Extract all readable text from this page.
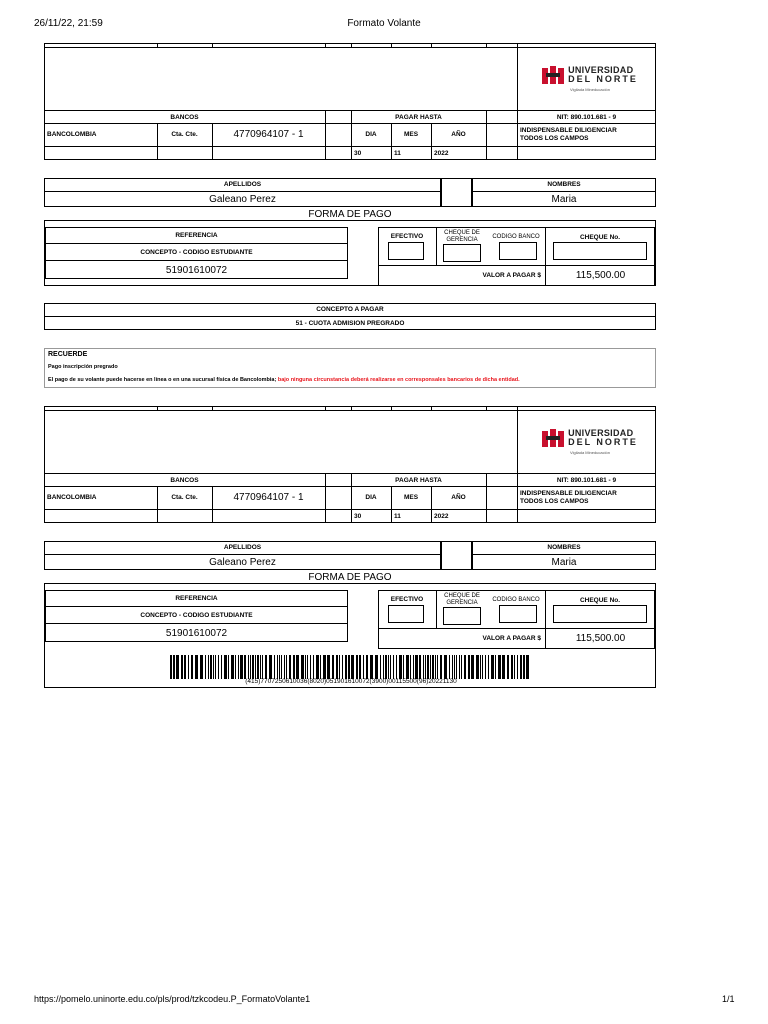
26/11/22, 21:59	Formato Volante
UNIVERSIDAD
DEL NORTE
Vigilada Mineducación
BANCOS	PAGAR HASTA	NIT: 890.101.681 - 9
BANCOLOMBIA	Cta. Cte.	4770964107 - 1	DIA	MES	AÑO
INDISPENSABLE DILIGENCIAR
TODOS LOS CAMPOS
30	11	2022
APELLIDOS
Galeano Perez
NOMBRES
Maria
FORMA DE PAGO
REFERENCIA
CONCEPTO - CODIGO ESTUDIANTE
51901610072
EFECTIVO	CHEQUE DE
GERENCIA	CODIGO BANCO	CHEQUE No.
VALOR A PAGAR $	115,500.00
CONCEPTO A PAGAR
51 - CUOTA ADMISION PREGRADO
RECUERDE
Pago inscripción pregrado
El pago de su volante puede hacerse en línea o en una sucursal física de Bancolombia; bajo ninguna circunstancia deberá realizarse en corresponsales bancarios de dicha entidad.
UNIVERSIDAD
DEL NORTE
Vigilada Mineducación
BANCOS	PAGAR HASTA	NIT: 890.101.681 - 9
BANCOLOMBIA	Cta. Cte.	4770964107 - 1	DIA	MES	AÑO
INDISPENSABLE DILIGENCIAR
TODOS LOS CAMPOS
30	11	2022
APELLIDOS
Galeano Perez
NOMBRES
Maria
FORMA DE PAGO
REFERENCIA
CONCEPTO - CODIGO ESTUDIANTE
51901610072
EFECTIVO	CHEQUE DE
GERENCIA	CODIGO BANCO	CHEQUE No.
VALOR A PAGAR $	115,500.00
(415)7707250610036(8020)051901610072(3900)00115500(96)20221130
https://pomelo.uninorte.edu.co/pls/prod/tzkcodeu.P_FormatoVolante1	1/1
